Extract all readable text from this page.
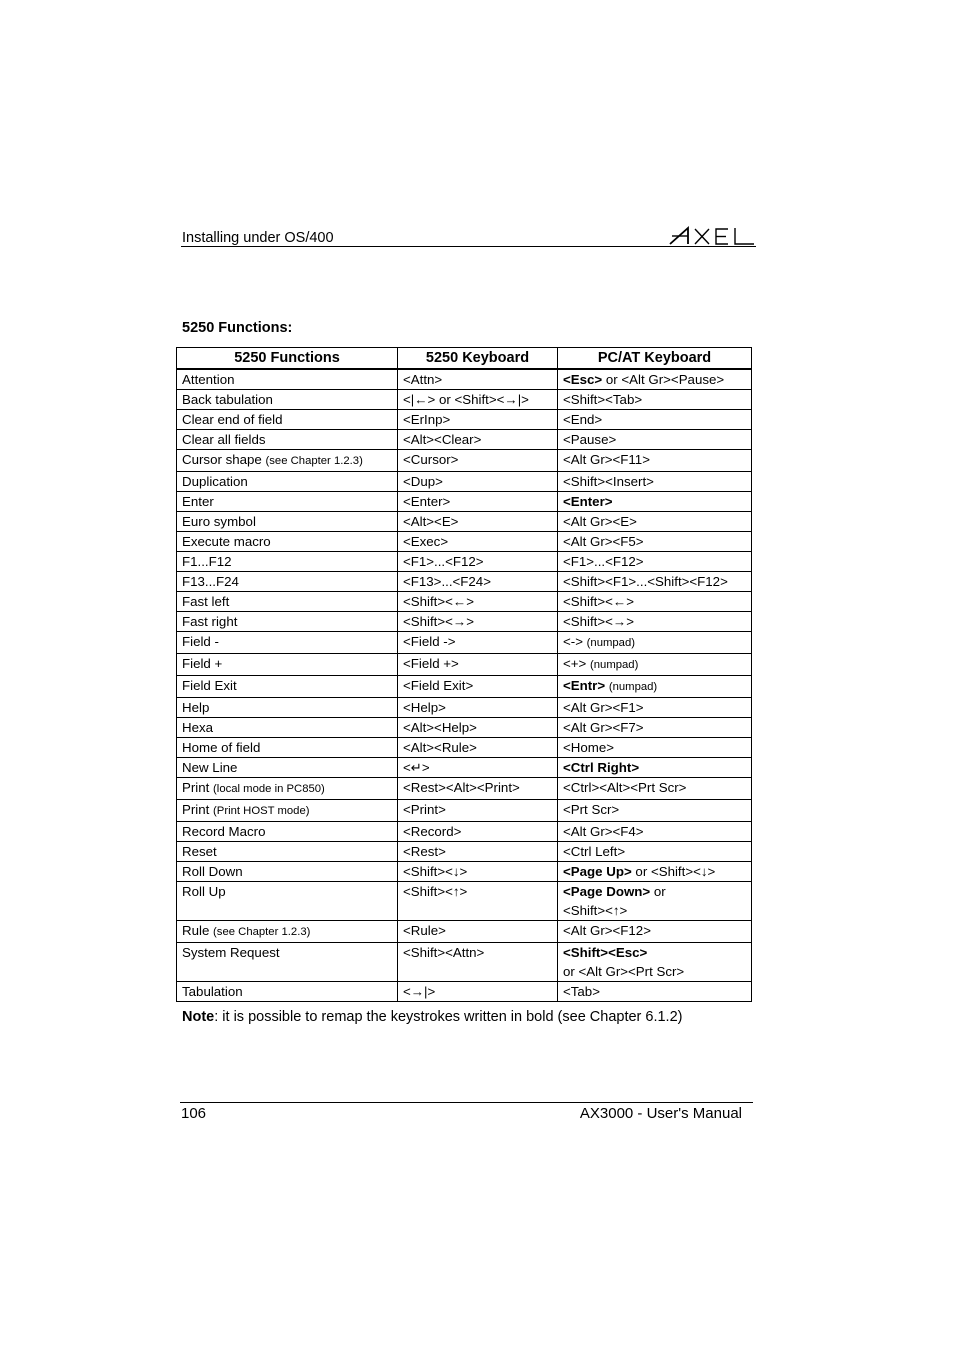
Installing under OS/400
5250 Functions:
5250 Functions	5250 Keyboard	PC/AT Keyboard
Attention	<Attn>	<Esc> or <Alt Gr><Pause>
Back tabulation	<|←> or <Shift><→|>	<Shift><Tab>
Clear end of field	<ErInp>	<End>
Clear all fields	<Alt><Clear>	<Pause>
Cursor shape (see Chapter 1.2.3)	<Cursor>	<Alt Gr><F11>
Duplication	<Dup>	<Shift><Insert>
Enter	<Enter>	<Enter>
Euro symbol	<Alt><E>	<Alt Gr><E>
Execute macro	<Exec>	<Alt Gr><F5>
F1...F12	<F1>...<F12>	<F1>...<F12>
F13...F24	<F13>...<F24>	<Shift><F1>...<Shift><F12>
Fast left	<Shift><←>	<Shift><←>
Fast right	<Shift><→>	<Shift><→>
Field -	<Field ->	<-> (numpad)
Field +	<Field +>	<+> (numpad)
Field Exit	<Field Exit>	<Entr> (numpad)
Help	<Help>	<Alt Gr><F1>
Hexa	<Alt><Help>	<Alt Gr><F7>
Home of field	<Alt><Rule>	<Home>
New Line	<↵>	<Ctrl Right>
Print (local mode in PC850)	<Rest><Alt><Print>	<Ctrl><Alt><Prt Scr>
Print (Print HOST mode)	<Print>	<Prt Scr>
Record Macro	<Record>	<Alt Gr><F4>
Reset	<Rest>	<Ctrl Left>
Roll Down	<Shift><↓>	<Page Up> or <Shift><↓>
Roll Up	<Shift><↑>	<Page Down> or
<Shift><↑>
Rule (see Chapter 1.2.3)	<Rule>	<Alt Gr><F12>
System Request	<Shift><Attn>	<Shift><Esc>
or <Alt Gr><Prt Scr>
Tabulation	<→|>	<Tab>
Note: it is possible to remap the keystrokes written in bold (see Chapter 6.1.2)
106	AX3000 - User's Manual
